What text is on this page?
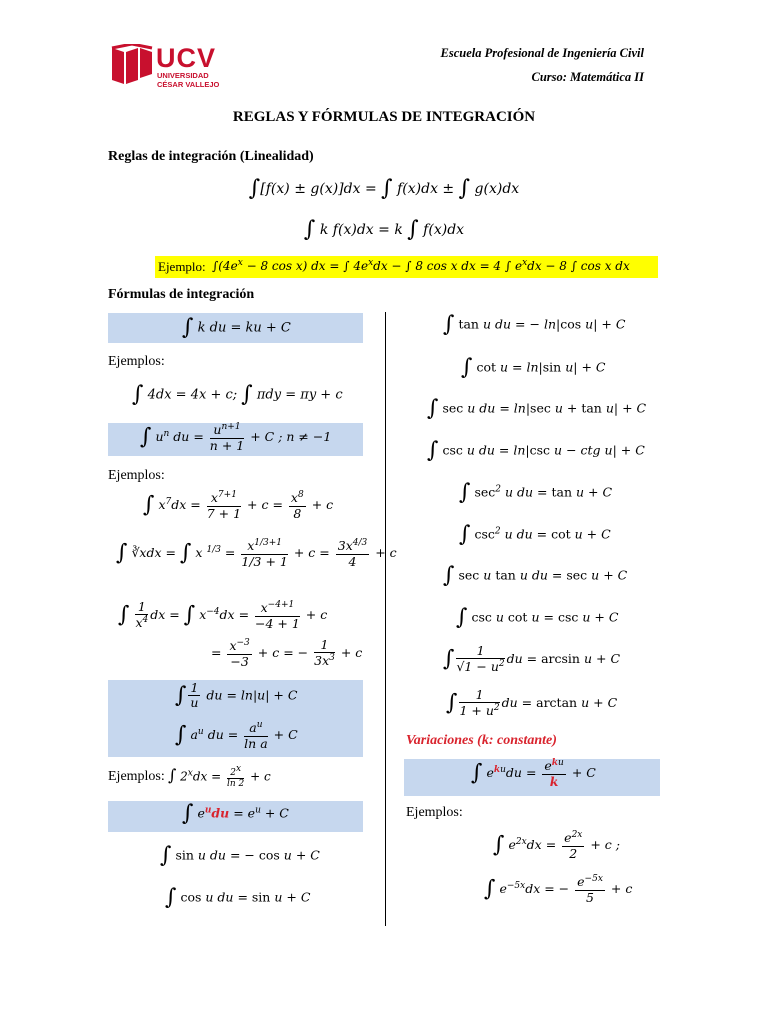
UCV
UNIVERSIDAD
CÉSAR VALLEJO
Escuela Profesional de Ingeniería Civil
Curso: Matemática II
REGLAS Y FÓRMULAS DE INTEGRACIÓN
Reglas de integración (Linealidad)
∫[f(x) ± g(x)]dx = ∫ f(x)dx ± ∫ g(x)dx
∫ k f(x)dx = k ∫ f(x)dx
Ejemplo: $\int(4e^x - 8$ cos x) dx = ∫ $4e^xdx$ − ∫ 8 cos x dx = 4 ∫ $e^xdx - 8$ ∫ cos x dx
Fórmulas de integración
∫ k du = ku + C
Ejemplos:
∫ 4dx = 4x + c; ∫ πdy = πy + c
∫ $u^n$ du = $\frac{u^{n+1}}{n + 1} + C$ ; n ≠ −1
Ejemplos:
∫ $x^7dx = \frac{x^{7+1}}{7 + 1} + c = \frac{x^8}{8} + c$
∫ ∛xdx = ∫ x $^{1/3} = \frac{x^{1/3+1}}{1/3 + 1} + c = \frac{3x^{4/3}}{4} + c$
∫ $\frac{1}{x^4}$ dx = ∫ $x^{-4}dx = \frac{x^{-4+1}}{-4 + 1} + c$
= $\frac{x^{-3}}{-3} + c$ = − $\frac{1}{3x^3} + c$
∫ $\frac{1}{u}$ du = ln|u| + C
∫ $a^u$ du = $\frac{a^u}{\text{ln a}} + C$
Ejemplos: ∫ $2^xdx = \frac{2x}{\ln 2} + c$
∫ $e^udu = e^u + C$
∫ sin u du = − cos u + C
∫ cos u du = sin u + C
∫ tan u du = − ln|cos u| + C
∫ cot u = ln|sin u| + C
∫ sec u du = ln|sec u + tan u| + C
∫ csc u du = ln|csc u − ctg u| + C
∫ $\sec^2 u$ du = tan u + C
∫ $\csc^2 u$ du = cot u + C
∫ sec u tan u du = sec u + C
∫ csc u cot u = csc u + C
∫ $\frac{1}{√1 - u^2}$ du = arcsin u + C
∫ $\frac{1}{1 + u^2}$ du = arctan u + C
Variaciones (k: constante)
∫ $e^{ku}du = \frac{e^{ku}}{k} + C$
Ejemplos:
∫ $e^{2x}dx = \frac{e^{2x}}{2} + c$ ;
∫ $e^{-5x}dx$ = − $\frac{e^{-5x}}{5} + c$
